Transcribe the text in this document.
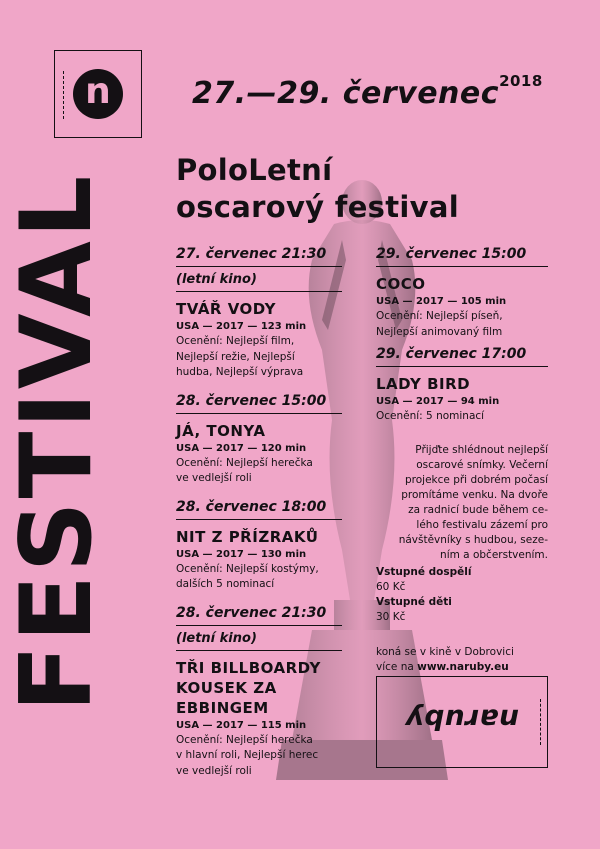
n	27.—29. červenec$^{2018}$
FESTIVAL
PoloLetní
oscarový festival
27. červenec 21:30
(letní kino)
TVÁŘ VODY
USA — 2017 — 123 min
Ocenění: Nejlepší film,
Nejlepší režie, Nejlepší
hudba, Nejlepší výprava
28. červenec 15:00
JÁ, TONYA
USA — 2017 — 120 min
Ocenění: Nejlepší herečka
ve vedlejší roli
28. červenec 18:00
NIT Z PŘÍZRAKŮ
USA — 2017 — 130 min
Ocenění: Nejlepší kostýmy,
dalších 5 nominací
28. červenec 21:30
(letní kino)
TŘI BILLBOARDY
KOUSEK ZA
EBBINGEM
USA — 2017 — 115 min
Ocenění: Nejlepší herečka
v hlavní roli, Nejlepší herec
ve vedlejší roli
29. červenec 15:00
COCO
USA — 2017 — 105 min
Ocenění: Nejlepší píseň,
Nejlepší animovaný film
29. červenec 17:00
LADY BIRD
USA — 2017 — 94 min
Ocenění: 5 nominací
Přijďte shlédnout nejlepší
oscarové snímky. Večerní
projekce při dobrém počasí
promítáme venku. Na dvoře
za radnicí bude během ce-
lého festivalu zázemí pro
návštěvníky s hudbou, seze-
ním a občerstvením.
Vstupné dospělí
60 Kč
Vstupné děti
30 Kč
koná se v kině v Dobrovici
více na www.naruby.eu
naruby
